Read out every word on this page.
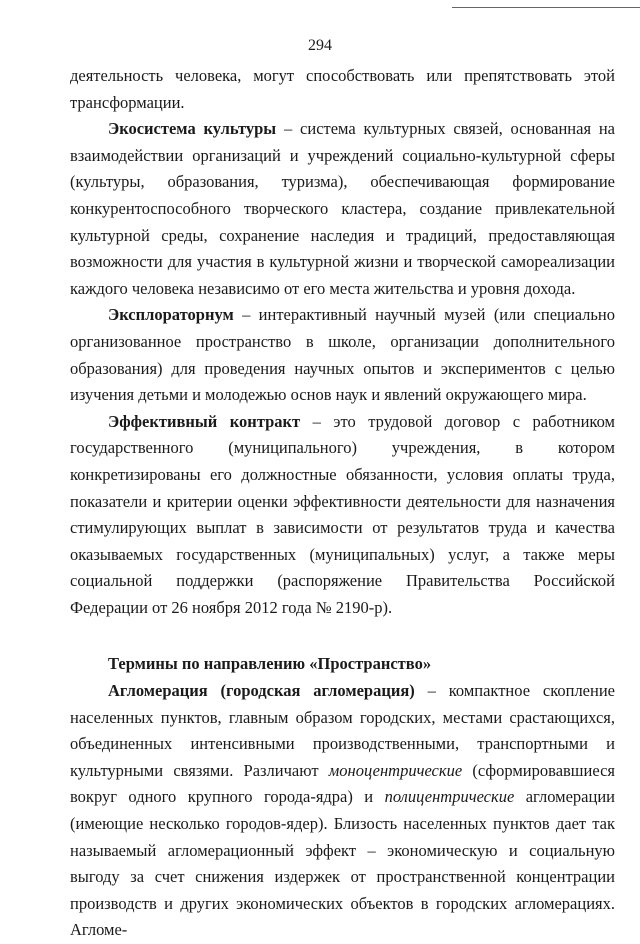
294

деятельность человека, могут способствовать или препятствовать этой трансформации.

Экосистема культуры – система культурных связей, основанная на взаимодействии организаций и учреждений социально-культурной сферы (культуры, образования, туризма), обеспечивающая формирование конкурентоспособного творческого кластера, создание привлекательной культурной среды, сохранение наследия и традиций, предоставляющая возможности для участия в культурной жизни и творческой самореализации каждого человека независимо от его места жительства и уровня дохода.

Эксплораторнум – интерактивный научный музей (или специально организованное пространство в школе, организации дополнительного образования) для проведения научных опытов и экспериментов с целью изучения детьми и молодежью основ наук и явлений окружающего мира.

Эффективный контракт – это трудовой договор с работником государственного (муниципального) учреждения, в котором конкретизированы его должностные обязанности, условия оплаты труда, показатели и критерии оценки эффективности деятельности для назначения стимулирующих выплат в зависимости от результатов труда и качества оказываемых государственных (муниципальных) услуг, а также меры социальной поддержки (распоряжение Правительства Российской Федерации от 26 ноября 2012 года № 2190-р).

Термины по направлению «Пространство»

Агломерация (городская агломерация) – компактное скопление населенных пунктов, главным образом городских, местами срастающихся, объединенных интенсивными производственными, транспортными и культурными связями. Различают моноцентрические (сформировавшиеся вокруг одного крупного города-ядра) и полицентрические агломерации (имеющие несколько городов-ядер). Близость населенных пунктов дает так называемый агломерационный эффект – экономическую и социальную выгоду за счет снижения издержек от пространственной концентрации производств и других экономических объектов в городских агломерациях. Агломе-
